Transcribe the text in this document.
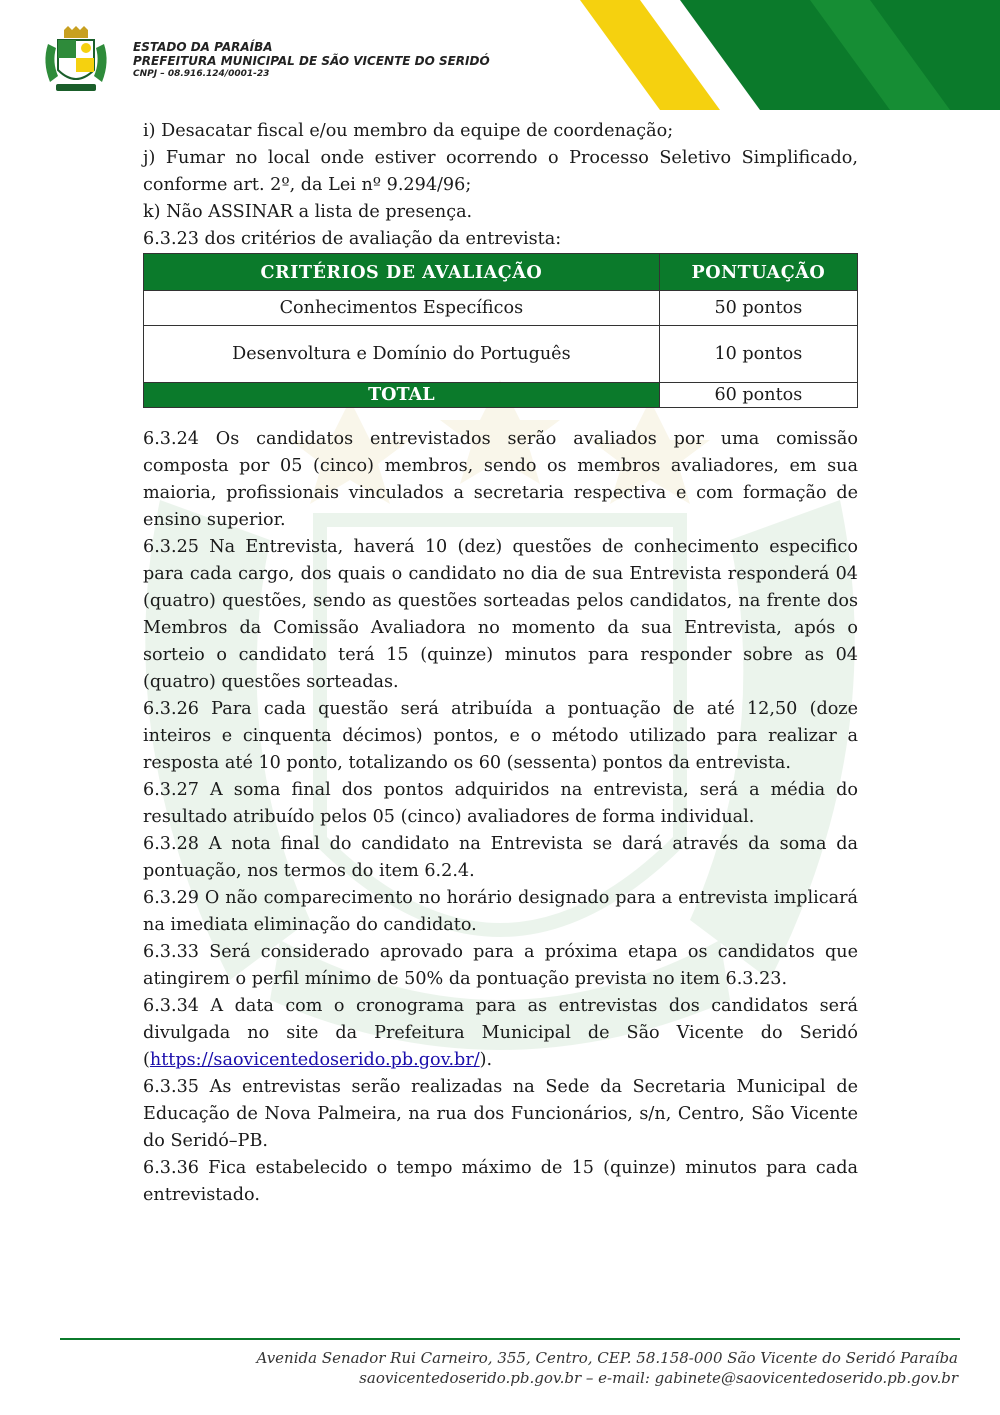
ESTADO DA PARAÍBA
PREFEITURA MUNICIPAL DE SÃO VICENTE DO SERIDÓ
CNPJ – 08.916.124/0001-23

i) Desacatar fiscal e/ou membro da equipe de coordenação;

j) Fumar no local onde estiver ocorrendo o Processo Seletivo Simplificado, conforme art. 2º, da Lei nº 9.294/96;

k) Não ASSINAR a lista de presença.

6.3.23 dos critérios de avaliação da entrevista:

CRITÉRIOS DE AVALIAÇÃO	PONTUAÇÃO
Conhecimentos Específicos	50 pontos
Desenvoltura e Domínio do Português	10 pontos
TOTAL	60 pontos

6.3.24 Os candidatos entrevistados serão avaliados por uma comissão composta por 05 (cinco) membros, sendo os membros avaliadores, em sua maioria, profissionais vinculados a secretaria respectiva e com formação de ensino superior.

6.3.25 Na Entrevista, haverá 10 (dez) questões de conhecimento especifico para cada cargo, dos quais o candidato no dia de sua Entrevista responderá 04 (quatro) questões, sendo as questões sorteadas pelos candidatos, na frente dos Membros da Comissão Avaliadora no momento da sua Entrevista, após o sorteio o candidato terá 15 (quinze) minutos para responder sobre as 04 (quatro) questões sorteadas.

6.3.26 Para cada questão será atribuída a pontuação de até 12,50 (doze inteiros e cinquenta décimos) pontos, e o método utilizado para realizar a resposta até 10 ponto, totalizando os 60 (sessenta) pontos da entrevista.

6.3.27 A soma final dos pontos adquiridos na entrevista, será a média do resultado atribuído pelos 05 (cinco) avaliadores de forma individual.

6.3.28 A nota final do candidato na Entrevista se dará através da soma da pontuação, nos termos do item 6.2.4.

6.3.29 O não comparecimento no horário designado para a entrevista implicará na imediata eliminação do candidato.

6.3.33 Será considerado aprovado para a próxima etapa os candidatos que atingirem o perfil mínimo de 50% da pontuação prevista no item 6.3.23.

6.3.34 A data com o cronograma para as entrevistas dos candidatos será divulgada no site da Prefeitura Municipal de São Vicente do Seridó (https://saovicentedoserido.pb.gov.br/).

6.3.35 As entrevistas serão realizadas na Sede da Secretaria Municipal de Educação de Nova Palmeira, na rua dos Funcionários, s/n, Centro, São Vicente do Seridó–PB.

6.3.36 Fica estabelecido o tempo máximo de 15 (quinze) minutos para cada entrevistado.

Avenida Senador Rui Carneiro, 355, Centro, CEP. 58.158-000 São Vicente do Seridó Paraíba
saovicentedoserido.pb.gov.br – e-mail: gabinete@saovicentedoserido.pb.gov.br
